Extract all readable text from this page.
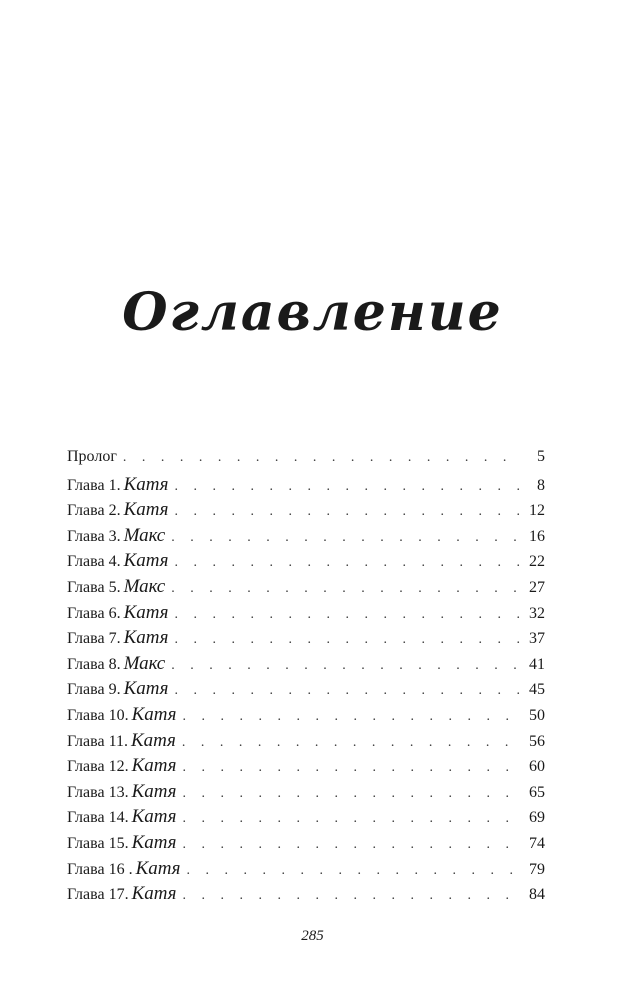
Оглавление
Пролог . . .	5
Глава 1. Катя . . .	8
Глава 2. Катя . . .	12
Глава 3. Макс . . .	16
Глава 4. Катя . . .	22
Глава 5. Макс . . .	27
Глава 6. Катя . . .	32
Глава 7. Катя . . .	37
Глава 8. Макс . . .	41
Глава 9. Катя . . .	45
Глава 10. Катя . . .	50
Глава 11. Катя . . .	56
Глава 12. Катя . . .	60
Глава 13. Катя . . .	65
Глава 14. Катя . . .	69
Глава 15. Катя . . .	74
Глава 16 . Катя . . .	79
Глава 17. Катя . . .	84
285
